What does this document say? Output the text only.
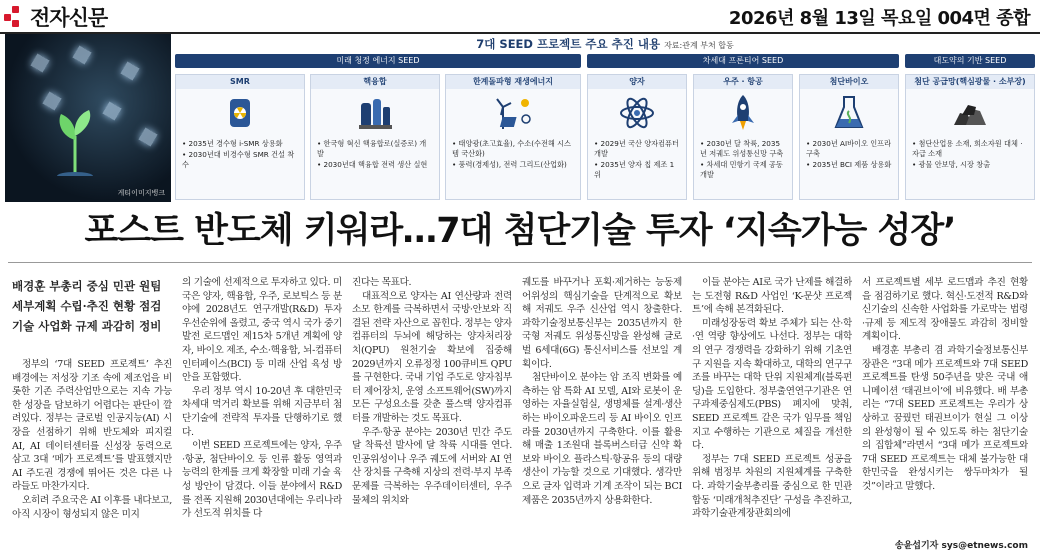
전자신문	2026년 8월 13일 목요일 004면 종합
게티이미지뱅크
7대 SEED 프로젝트 주요 추진 내용 자료:관계 부처 합동
미래 청정 에너지 SEED	차세대 프론티어 SEED	대도약의 기반 SEED
SMR
• 2035년 경수형 i-SMR 상용화
• 2030년대 비경수형 SMR 건설 착수
핵융합
• 한국형 혁신 핵융합로(실증로) 개발
• 2030년대 핵융합 전력 생산 실현
한계돌파형 재생에너지
• 태양광(초고효율), 수소(수전해 시스템 국산화)
• 풍력(경제성), 전력 그리드(산업화)
양자
• 2029년 국산 양자컴퓨터 개발
• 2035년 양자 칩 제조 1위
우주 · 항공
• 2030년 달 착륙, 2035년 저궤도 위성통신망 구축
• 차세대 민항기 국제 공동개발
첨단바이오
• 2030년 AI바이오 인프라 구축
• 2035년 BCI 제품 상용화
첨단 공급망(핵심광물 · 소부장)
• 첨단산업용 소재, 희소자원 대체 · 자급 소재
• 광물 안보망, 시장 창출
포스트 반도체 키워라…7대 첨단기술 투자 ‘지속가능 성장’
배경훈 부총리 중심 민관 원팀
세부계획 수립·추진 현황 점검
기술 사업화 규제 과감히 정비

정부의 ‘7대 SEED 프로젝트’ 추진 배경에는 저성장 기조 속에 제조업을 비롯한 기존 주력산업만으로는 지속 가능한 성장을 담보하기 어렵다는 판단이 깔려있다. 정부는 글로벌 인공지능(AI) 시장을 선점하기 위해 반도체와 피지컬 AI, AI 데이터센터를 신성장 동력으로 삼고 3대 ‘메가 프로젝트’를 발표했지만 AI 주도권 경쟁에 뛰어든 것은 다른 나라들도 마찬가지다.

오히려 주요국은 AI 이후를 내다보고, 아직 시장이 형성되지 않은 미지

의 기술에 선제적으로 투자하고 있다. 미국은 양자, 핵융합, 우주, 로보틱스 등 분야에 2028년도 연구개발(R&D) 투자 우선순위에 올렸고, 중국 역시 국가 중기 발전 로드맵인 제15차 5개년 계획에 양자, 바이오 제조, 수소·핵융합, 뇌-컴퓨터 인터페이스(BCI) 등 미래 산업 육성 방안을 포함했다.

우리 정부 역시 10-20년 후 대한민국 차세대 먹거리 확보를 위해 지금부터 첨단기술에 전략적 투자를 단행하기로 했다.

이번 SEED 프로젝트에는 양자, 우주·항공, 첨단바이오 등 인류 활동 영역과 능력의 한계를 크게 확장할 미래 기술 육성 방안이 담겼다. 이들 분야에서 R&D를 전폭 지원해 2030년대에는 우리나라가 선도적 위치를 다

진다는 목표다.

대표적으로 양자는 AI 연산량과 전력 소모 한계를 극복하면서 국방·안보와 직결된 전략 자산으로 꼽힌다. 정부는 양자컴퓨터의 두뇌에 해당하는 양자처리장치(QPU) 원천기술 확보에 집중해 2029년까지 오류정정 100큐비트 QPU를 구현한다. 국내 기업 주도로 양자칩부터 제어장치, 운영 소프트웨어(SW)까지 모든 구성요소를 갖춘 풀스택 양자컴퓨터를 개발하는 것도 목표다.

우주·항공 분야는 2030년 민간 주도 달 착륙선 발사에 달 착륙 시대를 연다. 인공위성이나 우주 궤도에 서버와 AI 연산 장치를 구축해 지상의 전력·부지 부족 문제를 극복하는 우주데이터센터, 우주물체의 위치와

궤도를 바꾸거나 포획·제거하는 능동제어위성의 핵심기술을 단계적으로 확보해 저궤도 우주 신산업 역시 창출한다. 과학기술정보통신부는 2035년까지 한국형 저궤도 위성통신망을 완성해 글로벌 6세대(6G) 통신서비스를 선보일 계획이다.

첨단바이오 분야는 암 조직 변화를 예측하는 암 특화 AI 모델, AI와 로봇이 운영하는 자율실험실, 생명체를 설계·생산하는 바이오파운드리 등 AI 바이오 인프라를 2030년까지 구축한다. 이를 활용해 매출 1조원대 블록버스터급 신약 확보와 바이오 플라스틱·항공유 등의 대량생산이 가능할 것으로 기대했다. 생각만으로 글자 입력과 기계 조작이 되는 BCI 제품은 2035년까지 상용화한다.

이들 분야는 AI로 국가 난제를 해결하는 도전형 R&D 사업인 ‘K-문샷 프로젝트’에 속해 본격화된다.

미래성장동력 확보 주체가 되는 산·학·연 역량 향상에도 나선다. 정부는 대학의 연구 경쟁력을 강화하기 위해 기초연구 지원을 지속 확대하고, 대학의 연구구조를 바꾸는 대학 단위 지원체계(블록펀딩)을 도입한다. 정부출연연구기관은 연구과제중심제도(PBS) 폐지에 맞춰, SEED 프로젝트 같은 국가 임무를 책임지고 수행하는 기관으로 체질을 개선한다.

정부는 7대 SEED 프로젝트 성공을 위해 범정부 차원의 지원체계를 구축한다. 과학기술부총리를 중심으로 한 민관 합동 ‘미래개척추진단’ 구성을 추진하고, 과학기술관계장관회의에

서 프로젝트별 세부 로드맵과 추진 현황을 점검하기로 했다. 혁신·도전적 R&D와 신기술의 신속한 사업화를 가로막는 법령·규제 등 제도적 장애물도 과감히 정비할 계획이다.

배경훈 부총리 겸 과학기술정보통신부 장관은 “3대 메가 프로젝트와 7대 SEED 프로젝트를 탄생 50주년을 맞은 국내 애니메이션 ‘태권브이’에 비유했다. 배 부총리는 “7대 SEED 프로젝트는 우리가 상상하고 꿈꿨던 태권브이가 현실 그 이상의 완성형이 될 수 있도록 하는 첨단기술의 집합체”라면서 “3대 메가 프로젝트와 7대 SEED 프로젝트는 대체 불가능한 대한민국을 완성시키는 쌍두마차가 될 것”이라고 말했다.

송윤섭기자 sys@etnews.com
